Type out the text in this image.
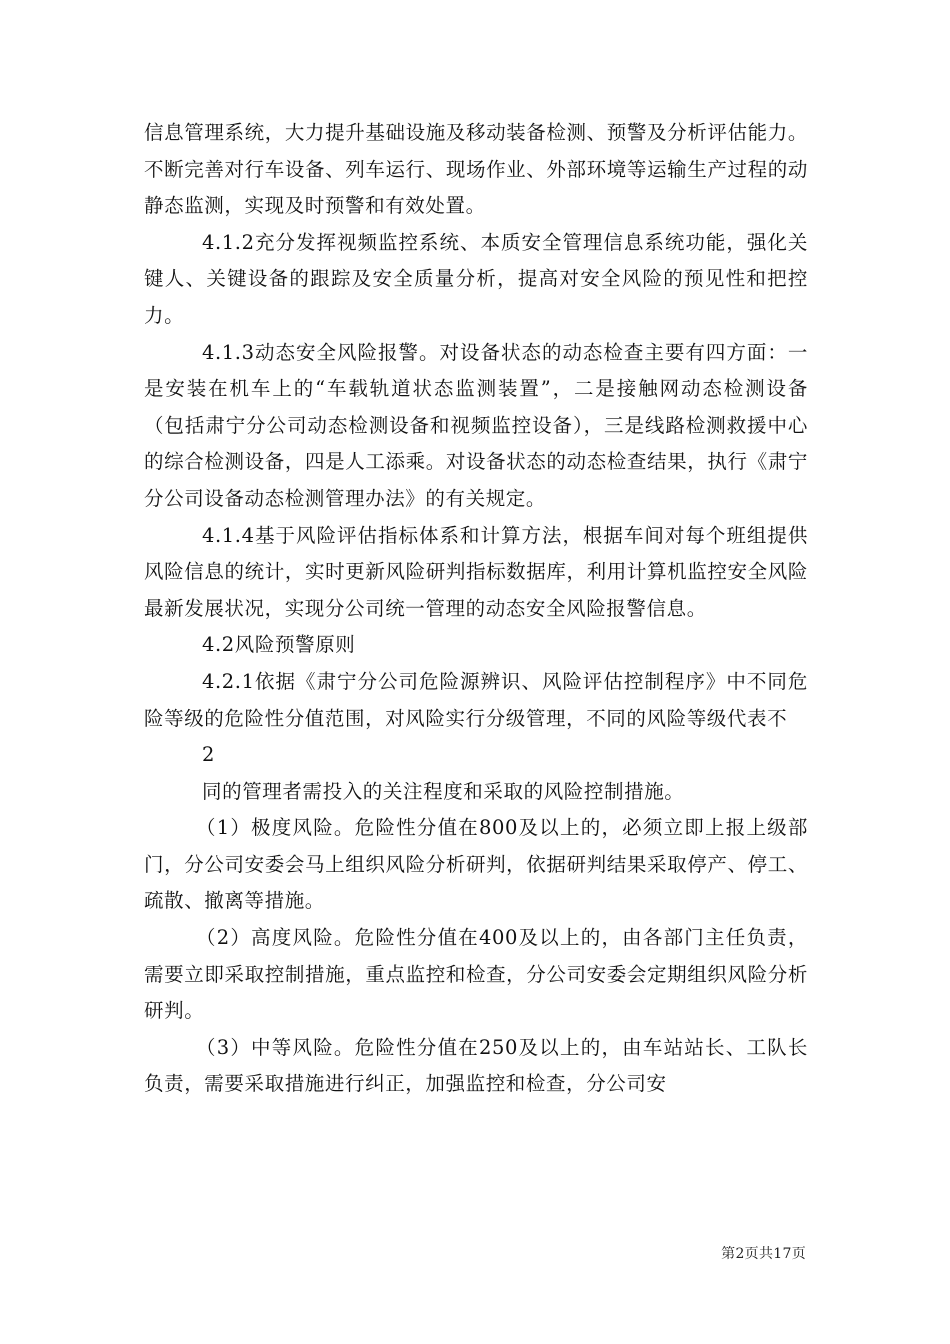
信息管理系统，大力提升基础设施及移动装备检测、预警及分析评估能力。不断完善对行车设备、列车运行、现场作业、外部环境等运输生产过程的动静态监测，实现及时预警和有效处置。

4.1.2充分发挥视频监控系统、本质安全管理信息系统功能，强化关键人、关键设备的跟踪及安全质量分析，提高对安全风险的预见性和把控力。

4.1.3动态安全风险报警。对设备状态的动态检查主要有四方面：一是安装在机车上的“车载轨道状态监测装置”，二是接触网动态检测设备（包括肃宁分公司动态检测设备和视频监控设备），三是线路检测救援中心的综合检测设备，四是人工添乘。对设备状态的动态检查结果，执行《肃宁分公司设备动态检测管理办法》的有关规定。

4.1.4基于风险评估指标体系和计算方法，根据车间对每个班组提供风险信息的统计，实时更新风险研判指标数据库，利用计算机监控安全风险最新发展状况，实现分公司统一管理的动态安全风险报警信息。

4.2风险预警原则

4.2.1依据《肃宁分公司危险源辨识、风险评估控制程序》中不同危险等级的危险性分值范围，对风险实行分级管理，不同的风险等级代表不

2

同的管理者需投入的关注程度和采取的风险控制措施。

（1）极度风险。危险性分值在800及以上的，必须立即上报上级部门，分公司安委会马上组织风险分析研判，依据研判结果采取停产、停工、疏散、撤离等措施。

（2）高度风险。危险性分值在400及以上的，由各部门主任负责，需要立即采取控制措施，重点监控和检查，分公司安委会定期组织风险分析研判。

（3）中等风险。危险性分值在250及以上的，由车站站长、工队长负责，需要采取措施进行纠正，加强监控和检查，分公司安

第2页共17页
